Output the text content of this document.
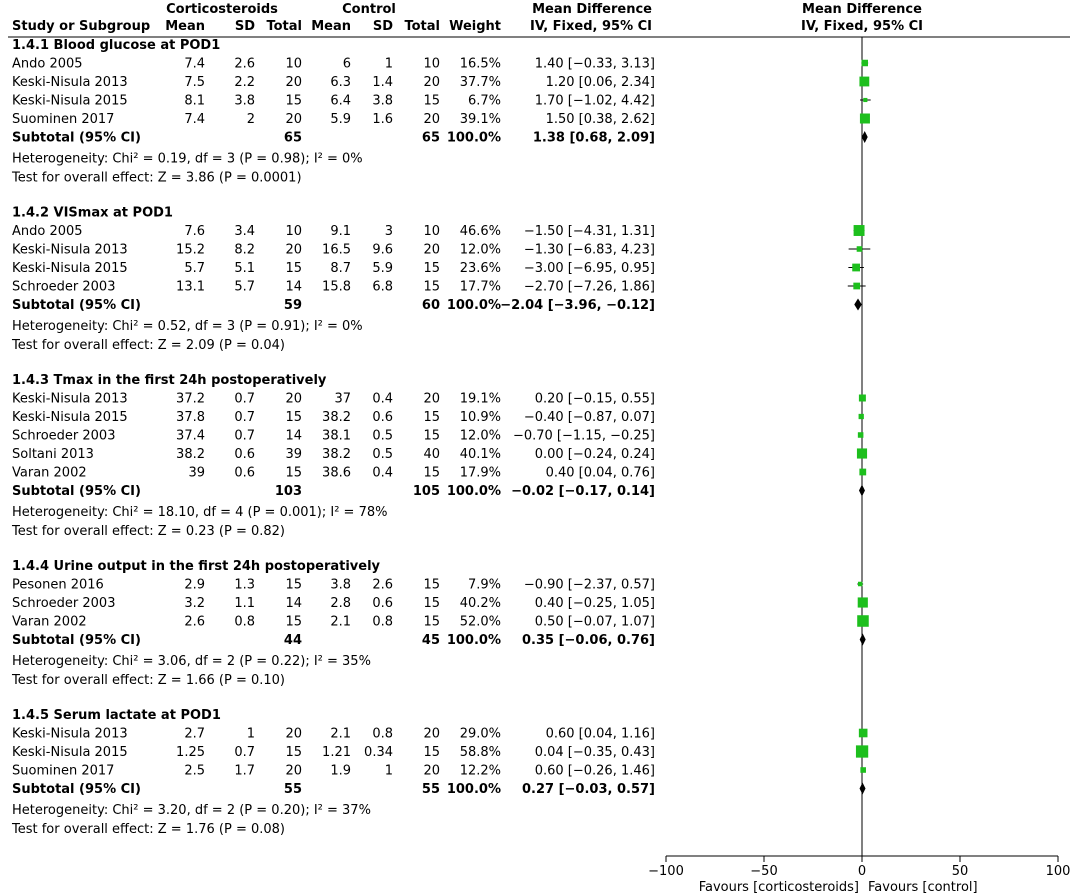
Corticosteroids	Control	Mean Difference	Mean Difference
Study or Subgroup Mean SD Total Mean SD Total Weight IV, Fixed, 95% CI	IV, Fixed, 95% CI
1.4.1 Blood glucose at POD1
Ando 2005	7.4 2.6 10	6	1 10 16.5%	1.40 [−0.33, 3.13]
Keski-Nisula 2013	7.5 2.2 20 6.3 1.4 20 37.7%	1.20 [0.06, 2.34]
Keski-Nisula 2015	8.1 3.8 15 6.4 3.8 15 6.7%	1.70 [−1.02, 4.42]
Suominen 2017	7.4	2 20 5.9 1.6 20 39.1%	1.50 [0.38, 2.62]
Subtotal (95% CI)	65	65 100.0% 1.38 [0.68, 2.09]
Heterogeneity: Chi² = 0.19, df = 3 (P = 0.98); I² = 0%
Test for overall effect: Z = 3.86 (P = 0.0001)
1.4.2 VISmax at POD1
Ando 2005	7.6 3.4 10 9.1	3 10 46.6% −1.50 [−4.31, 1.31]
Keski-Nisula 2013	15.2 8.2 20 16.5 9.6 20 12.0% −1.30 [−6.83, 4.23]
Keski-Nisula 2015	5.7 5.1 15 8.7 5.9 15 23.6% −3.00 [−6.95, 0.95]
Schroeder 2003	13.1 5.7 14 15.8 6.8 15 17.7% −2.70 [−7.26, 1.86]
Subtotal (95% CI)	59	60 100.0% −2.04 [−3.96, −0.12]
Heterogeneity: Chi² = 0.52, df = 3 (P = 0.91); I² = 0%
Test for overall effect: Z = 2.09 (P = 0.04)
1.4.3 Tmax in the first 24h postoperatively
Keski-Nisula 2013	37.2 0.7 20 37 0.4 20 19.1%	0.20 [−0.15, 0.55]
Keski-Nisula 2015	37.8 0.7 15 38.2 0.6 15 10.9% −0.40 [−0.87, 0.07]
Schroeder 2003	37.4 0.7 14 38.1 0.5 15 12.0% −0.70 [−1.15, −0.25]
Soltani 2013	38.2 0.6 39 38.2 0.5 40 40.1%	0.00 [−0.24, 0.24]
Varan 2002	39 0.6 15 38.6 0.4 15 17.9%	0.40 [0.04, 0.76]
Subtotal (95% CI)	103	105 100.0% −0.02 [−0.17, 0.14]
Heterogeneity: Chi² = 18.10, df = 4 (P = 0.001); I² = 78%
Test for overall effect: Z = 0.23 (P = 0.82)
1.4.4 Urine output in the first 24h postoperatively
Pesonen 2016	2.9 1.3 15 3.8 2.6 15 7.9% −0.90 [−2.37, 0.57]
Schroeder 2003	3.2 1.1 14 2.8 0.6 15 40.2%	0.40 [−0.25, 1.05]
Varan 2002	2.6 0.8 15 2.1 0.8 15 52.0%	0.50 [−0.07, 1.07]
Subtotal (95% CI)	44	45 100.0% 0.35 [−0.06, 0.76]
Heterogeneity: Chi² = 3.06, df = 2 (P = 0.22); I² = 35%
Test for overall effect: Z = 1.66 (P = 0.10)
1.4.5 Serum lactate at POD1
Keski-Nisula 2013	2.7	1 20 2.1 0.8 20 29.0%	0.60 [0.04, 1.16]
Keski-Nisula 2015	1.25 0.7 15 1.21 0.34 15 58.8%	0.04 [−0.35, 0.43]
Suominen 2017	2.5 1.7 20 1.9	1 20 12.2%	0.60 [−0.26, 1.46]
Subtotal (95% CI)	55	55 100.0% 0.27 [−0.03, 0.57]
Heterogeneity: Chi² = 3.20, df = 2 (P = 0.20); I² = 37%
Test for overall effect: Z = 1.76 (P = 0.08)
−100	−50	0	50	100
Favours [corticosteroids] Favours [control]
